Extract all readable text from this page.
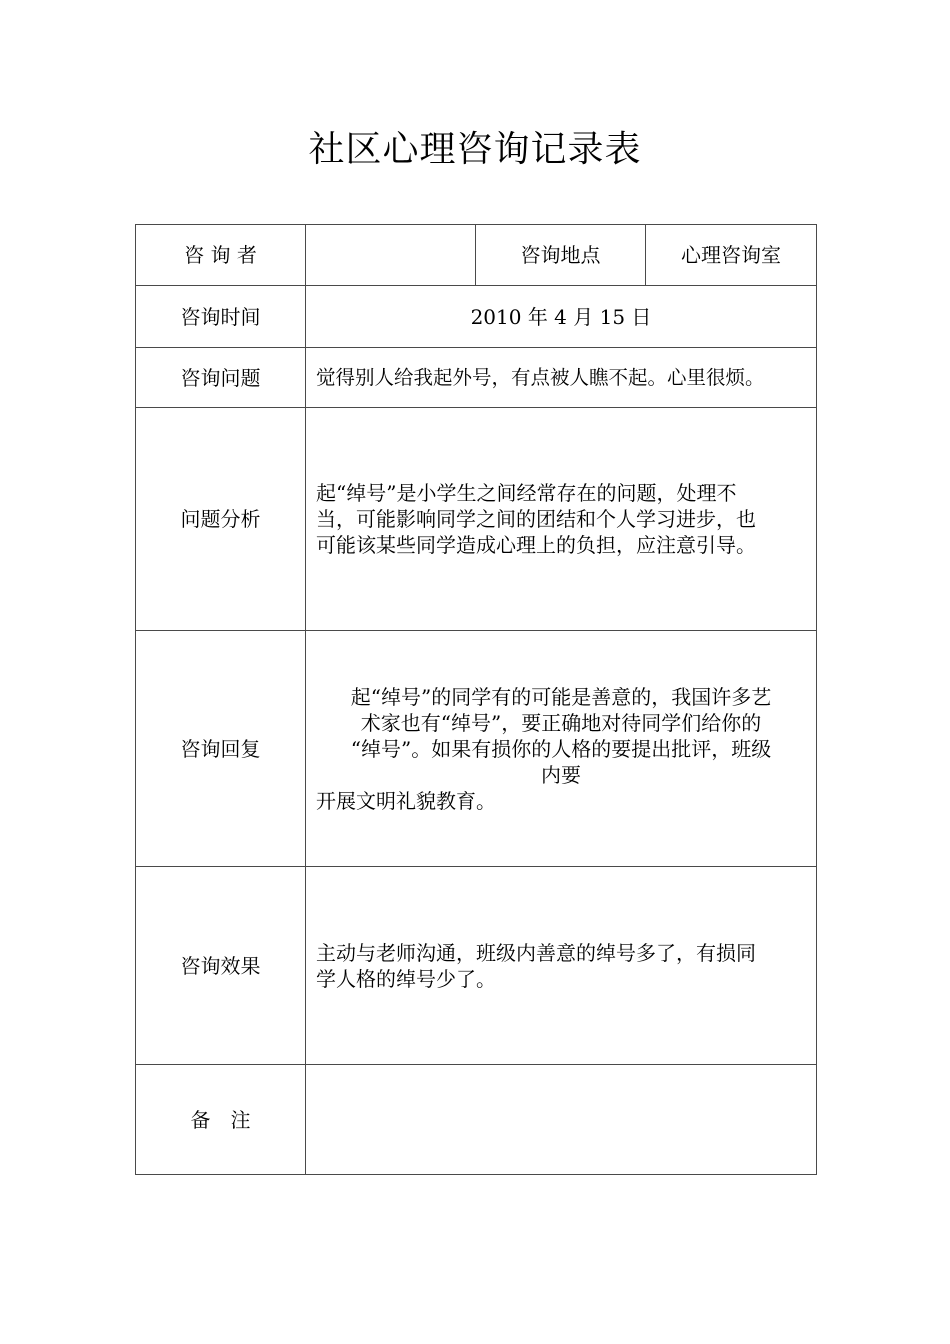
社区心理咨询记录表
咨 询 者		咨询地点	心理咨询室
咨询时间	2010 年 4 月 15 日		
咨询问题	觉得别人给我起外号，有点被人瞧不起。心里很烦。		
问题分析	起“绰号”是小学生之间经常存在的问题，处理不
当，可能影响同学之间的团结和个人学习进步，也
可能该某些同学造成心理上的负担，应注意引导。		

咨询回复	起“绰号”的同学有的可能是善意的，我国许多艺
术家也有“绰号”，要正确地对待同学们给你的
“绰号”。如果有损你的人格的要提出批评，班级
内要
开展文明礼貌教育。		

咨询效果	主动与老师沟通，班级内善意的绰号多了，有损同
学人格的绰号少了。		

备　注			
